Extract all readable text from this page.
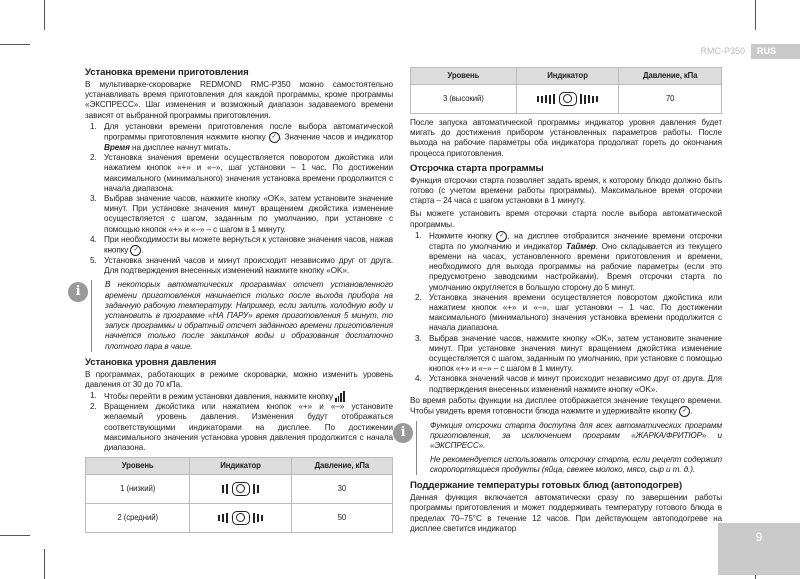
RMC-P350	RUS
9
Установка времени приготовления

В мультиварке-скороварке REDMOND RMC-P350 можно самостоятельно устанавливать время приготовления для каждой программы, кроме программы «ЭКСПРЕСС». Шаг изменения и возможный диапазон задаваемого времени зависят от выбранной программы приготовления.

1. Для установки времени приготовления после выбора автоматической программы приготовления нажмите кнопку ✓ . Значение часов и индикатор Время на дисплее начнут мигать.
2. Установка значения времени осуществляется поворотом джойстика или нажатием кнопок «+» и «–», шаг установки – 1 час. По достижении максимального (минимального) значения установка времени продолжится с начала диапазона.
3. Выбрав значение часов, нажмите кнопку «OK», затем установите значение минут. При установке значения минут вращением джойстика изменение осуществляется с шагом, заданным по умолчанию, при установке с помощью кнопок «+» и «–» – с шагом в 1 минуту.
4. При необходимости вы можете вернуться к установке значения часов, нажав кнопку ✓ .
5. Установка значений часов и минут происходит независимо друг от друга. Для подтверждения внесенных изменений нажмите кнопку «OK».
i	В некоторых автоматических программах отсчет установленного времени приготовления начинается только после выхода прибора на заданную рабочую температуру. Например, если залить холодную воду и установить в программе «НА ПАРУ» время приготовления 5 минут, то запуск программы и обратный отсчет заданного времени приготовления начнется только после закипания воды и образования достаточно плотного пара в чаше.
Установка уровня давления

В программах, работающих в режиме скороварки, можно изменить уровень давления от 30 до 70 кПа.

1. Чтобы перейти в режим установки давления, нажмите кнопку
2. Вращением джойстика или нажатием кнопок «+» и «–» установите желаемый уровень давления. Изменения будут отображаться соответствующими индикаторами на дисплее. По достижении максимального значения установка уровня давления продолжится с начала диапазона.
Уровень	Индикатор	Давление, кПа
1 (низкий)		30
2 (средний)		50
Уровень	Индикатор	Давление, кПа
3 (высокий)		70

После запуска автоматической программы индикатор уровня давления будет мигать до достижения прибором установленных параметров работы. После выхода на рабочие параметры оба индикатора продолжат гореть до окончания процесса приготовления.

Отсрочка старта программы

Функция отсрочки старта позволяет задать время, к которому блюдо должно быть готово (с учетом времени работы программы). Максимальное время отсрочки старта – 24 часа с шагом установки в 1 минуту.

Вы можете установить время отсрочки старта после выбора автоматической программы.

1. Нажмите кнопку ✓ , на дисплее отобразится значение времени отсрочки старта по умолчанию и индикатор Таймер. Оно складывается из текущего времени на часах, установленного времени приготовления и времени, необходимого для выхода программы на рабочие параметры (если это предусмотрено заводскими настройками). Время отсрочки старта по умолчанию округляется в большую сторону до 5 минут.
2. Установка значения времени осуществляется поворотом джойстика или нажатием кнопок «+» и «–», шаг установки – 1 час. По достижении максимального (минимального) значения установка времени продолжится с начала диапазона.
3. Выбрав значение часов, нажмите кнопку «OK», затем установите значение минут. При установке значения минут вращением джойстика изменение осуществляется с шагом, заданным по умолчанию, при установке с помощью кнопок «+» и «–» – с шагом в 1 минуту.
4. Установка значений часов и минут происходит независимо друг от друга. Для подтверждения внесенных изменений нажмите кнопку «OK».

Во время работы функции на дисплее отображается значение текущего времени. Чтобы увидеть время готовности блюда нажмите и удерживайте кнопку ✓ .

i	Функция отсрочки старта доступна для всех автоматических программ приготовления, за исключением программ «ЖАРКА/ФРИТЮР» и «ЭКСПРЕСС».
Не рекомендуется использовать отсрочку старта, если рецепт содержит скоропортящиеся продукты (яйца, свежее молоко, мясо, сыр и т. д.).
Поддержание температуры готовых блюд (автоподогрев)

Данная функция включается автоматически сразу по завершении работы программы приготовления и может поддерживать температуру готового блюда в пределах 70–75°С в течение 12 часов. При действующем автоподогреве на дисплее светится индикатор
